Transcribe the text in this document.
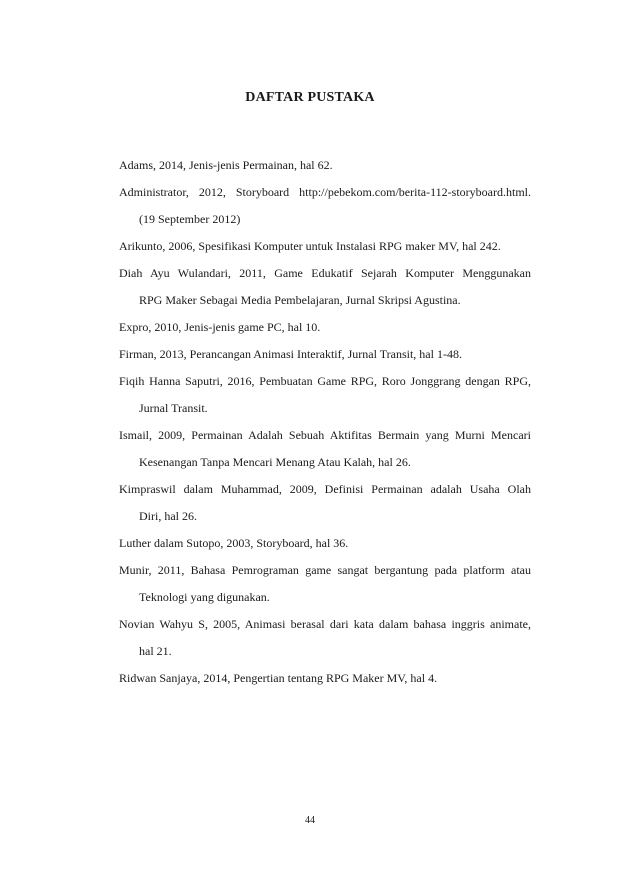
DAFTAR PUSTAKA
Adams, 2014, Jenis-jenis Permainan, hal 62.
Administrator, 2012, Storyboard http://pebekom.com/berita-112-storyboard.html.
(19 September 2012)
Arikunto, 2006, Spesifikasi Komputer untuk Instalasi RPG maker MV, hal 242.
Diah Ayu Wulandari, 2011, Game Edukatif Sejarah Komputer Menggunakan
RPG Maker Sebagai Media Pembelajaran, Jurnal Skripsi Agustina.
Expro, 2010, Jenis-jenis game PC, hal 10.
Firman, 2013, Perancangan Animasi Interaktif, Jurnal Transit, hal 1-48.
Fiqih Hanna Saputri, 2016, Pembuatan Game RPG, Roro Jonggrang dengan RPG,
Jurnal Transit.
Ismail, 2009, Permainan Adalah Sebuah Aktifitas Bermain yang Murni Mencari
Kesenangan Tanpa Mencari Menang Atau Kalah, hal 26.
Kimpraswil dalam Muhammad, 2009, Definisi Permainan adalah Usaha Olah
Diri, hal 26.
Luther dalam Sutopo, 2003, Storyboard, hal 36.
Munir, 2011, Bahasa Pemrograman game sangat bergantung pada platform atau
Teknologi yang digunakan.
Novian Wahyu S, 2005, Animasi berasal dari kata dalam bahasa inggris animate,
hal 21.
Ridwan Sanjaya, 2014, Pengertian tentang RPG Maker MV, hal 4.
44
